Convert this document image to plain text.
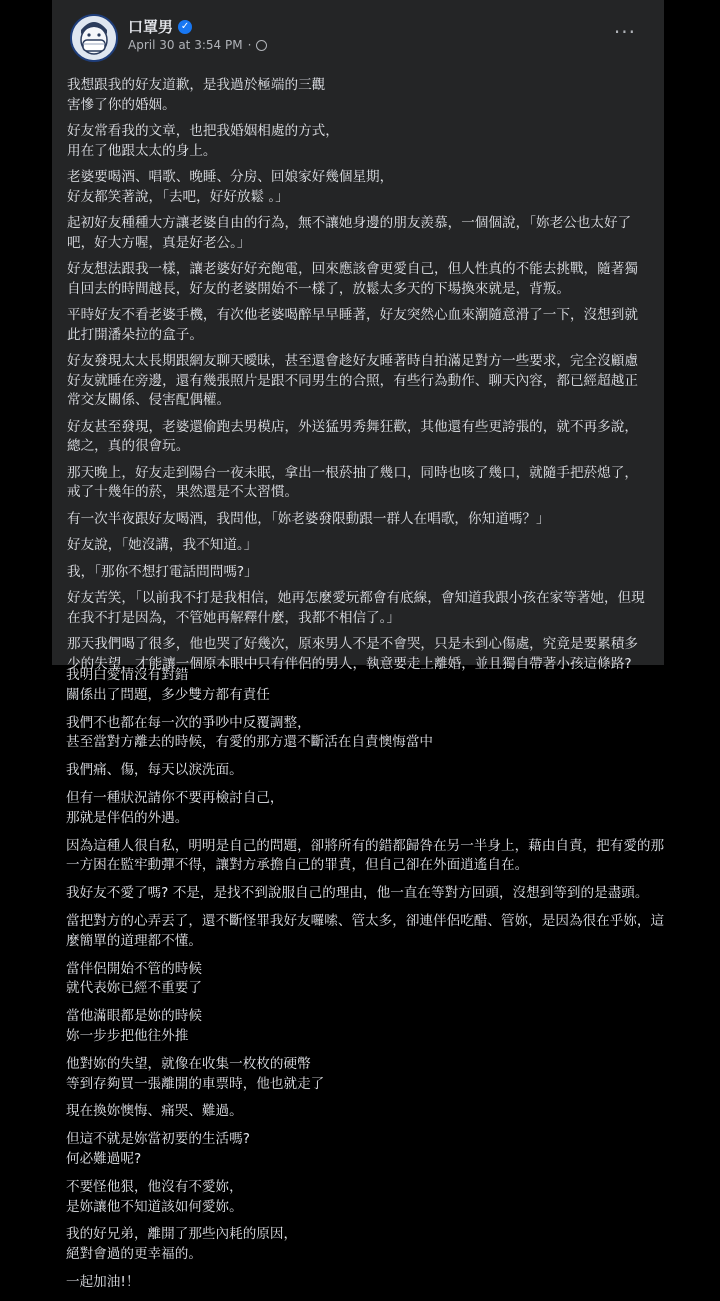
口罩男 ✓
April 30 at 3:54 PM ·
···

我想跟我的好友道歉，是我過於極端的三觀
害慘了你的婚姻。

好友常看我的文章，也把我婚姻相處的方式，
用在了他跟太太的身上。

老婆要喝酒、唱歌、晚睡、分房、回娘家好幾個星期，
好友都笑著說，「去吧，好好放鬆 。」

起初好友種種大方讓老婆自由的行為，無不讓她身邊的朋友羨慕，一個個說，「妳老公也太好了吧，好大方喔，真是好老公。」

好友想法跟我一樣，讓老婆好好充飽電，回來應該會更愛自己，但人性真的不能去挑戰，隨著獨自回去的時間越長，好友的老婆開始不一樣了，放鬆太多天的下場換來就是，背叛。

平時好友不看老婆手機，有次他老婆喝醉早早睡著，好友突然心血來潮隨意滑了一下，沒想到就此打開潘朵拉的盒子。

好友發現太太長期跟網友聊天曖昧，甚至還會趁好友睡著時自拍滿足對方一些要求，完全沒顧慮好友就睡在旁邊，還有幾張照片是跟不同男生的合照，有些行為動作、聊天內容，都已經超越正常交友關係、侵害配偶權。

好友甚至發現，老婆還偷跑去男模店，外送猛男秀舞狂歡，其他還有些更誇張的，就不再多說，總之，真的很會玩。

那天晚上，好友走到陽台一夜未眠，拿出一根菸抽了幾口，同時也咳了幾口，就隨手把菸熄了，戒了十幾年的菸，果然還是不太習慣。

有一次半夜跟好友喝酒，我問他，「妳老婆發限動跟一群人在唱歌，你知道嗎？」

好友說，「她沒講，我不知道。」

我，「那你不想打電話問問嗎?」

好友苦笑，「以前我不打是我相信，她再怎麼愛玩都會有底線，會知道我跟小孩在家等著她，但現在我不打是因為，不管她再解釋什麼，我都不相信了。」

那天我們喝了很多，他也哭了好幾次，原來男人不是不會哭，只是未到心傷處，究竟是要累積多少的失望，才能讓一個原本眼中只有伴侶的男人，執意要走上離婚，並且獨自帶著小孩這條路?

我明白愛情沒有對錯
關係出了問題，多少雙方都有責任

我們不也都在每一次的爭吵中反覆調整，
甚至當對方離去的時候，有愛的那方還不斷活在自責懊悔當中

我們痛、傷，每天以淚洗面。

但有一種狀況請你不要再檢討自己，
那就是伴侶的外遇。

因為這種人很自私，明明是自己的問題，卻將所有的錯都歸咎在另一半身上，藉由自責，把有愛的那一方困在監牢動彈不得，讓對方承擔自己的罪責，但自己卻在外面逍遙自在。

我好友不愛了嗎? 不是，是找不到說服自己的理由，他一直在等對方回頭，沒想到等到的是盡頭。

當把對方的心弄丟了，還不斷怪罪我好友囉嗦、管太多，卻連伴侶吃醋、管妳，是因為很在乎妳，這麼簡單的道理都不懂。

當伴侶開始不管的時候
就代表妳已經不重要了

當他滿眼都是妳的時候
妳一步步把他往外推

他對妳的失望，就像在收集一枚枚的硬幣
等到存夠買一張離開的車票時，他也就走了

現在換妳懊悔、痛哭、難過。

但這不就是妳當初要的生活嗎?
何必難過呢?

不要怪他狠，他沒有不愛妳，
是妳讓他不知道該如何愛妳。

我的好兄弟，離開了那些內耗的原因，
絕對會過的更幸福的。

一起加油!！
